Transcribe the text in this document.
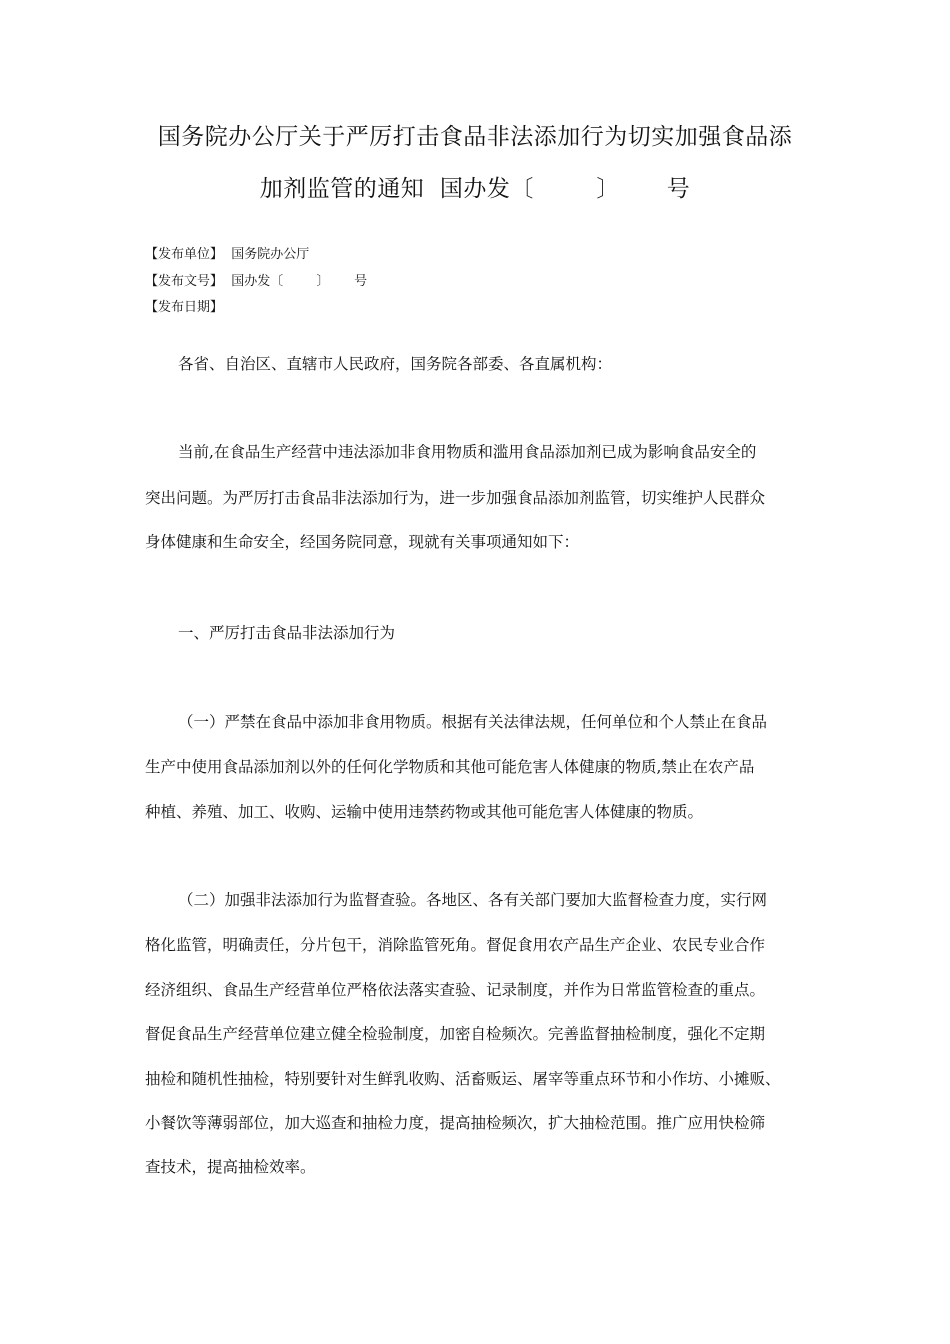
国务院办公厅关于严厉打击食品非法添加行为切实加强食品添
加剂监管的通知  国办发〔        〕      号
【发布单位】  国务院办公厅
【发布文号】  国办发〔        〕      号
【发布日期】
各省、自治区、直辖市人民政府，国务院各部委、各直属机构：
当前,在食品生产经营中违法添加非食用物质和滥用食品添加剂已成为影响食品安全的
突出问题。为严厉打击食品非法添加行为，进一步加强食品添加剂监管，切实维护人民群众
身体健康和生命安全，经国务院同意，现就有关事项通知如下：
一、严厉打击食品非法添加行为
（一）严禁在食品中添加非食用物质。根据有关法律法规，任何单位和个人禁止在食品
生产中使用食品添加剂以外的任何化学物质和其他可能危害人体健康的物质,禁止在农产品
种植、养殖、加工、收购、运输中使用违禁药物或其他可能危害人体健康的物质。
（二）加强非法添加行为监督查验。各地区、各有关部门要加大监督检查力度，实行网
格化监管，明确责任，分片包干，消除监管死角。督促食用农产品生产企业、农民专业合作
经济组织、食品生产经营单位严格依法落实查验、记录制度，并作为日常监管检查的重点。
督促食品生产经营单位建立健全检验制度，加密自检频次。完善监督抽检制度，强化不定期
抽检和随机性抽检，特别要针对生鲜乳收购、活畜贩运、屠宰等重点环节和小作坊、小摊贩、
小餐饮等薄弱部位，加大巡查和抽检力度，提高抽检频次，扩大抽检范围。推广应用快检筛
查技术，提高抽检效率。
